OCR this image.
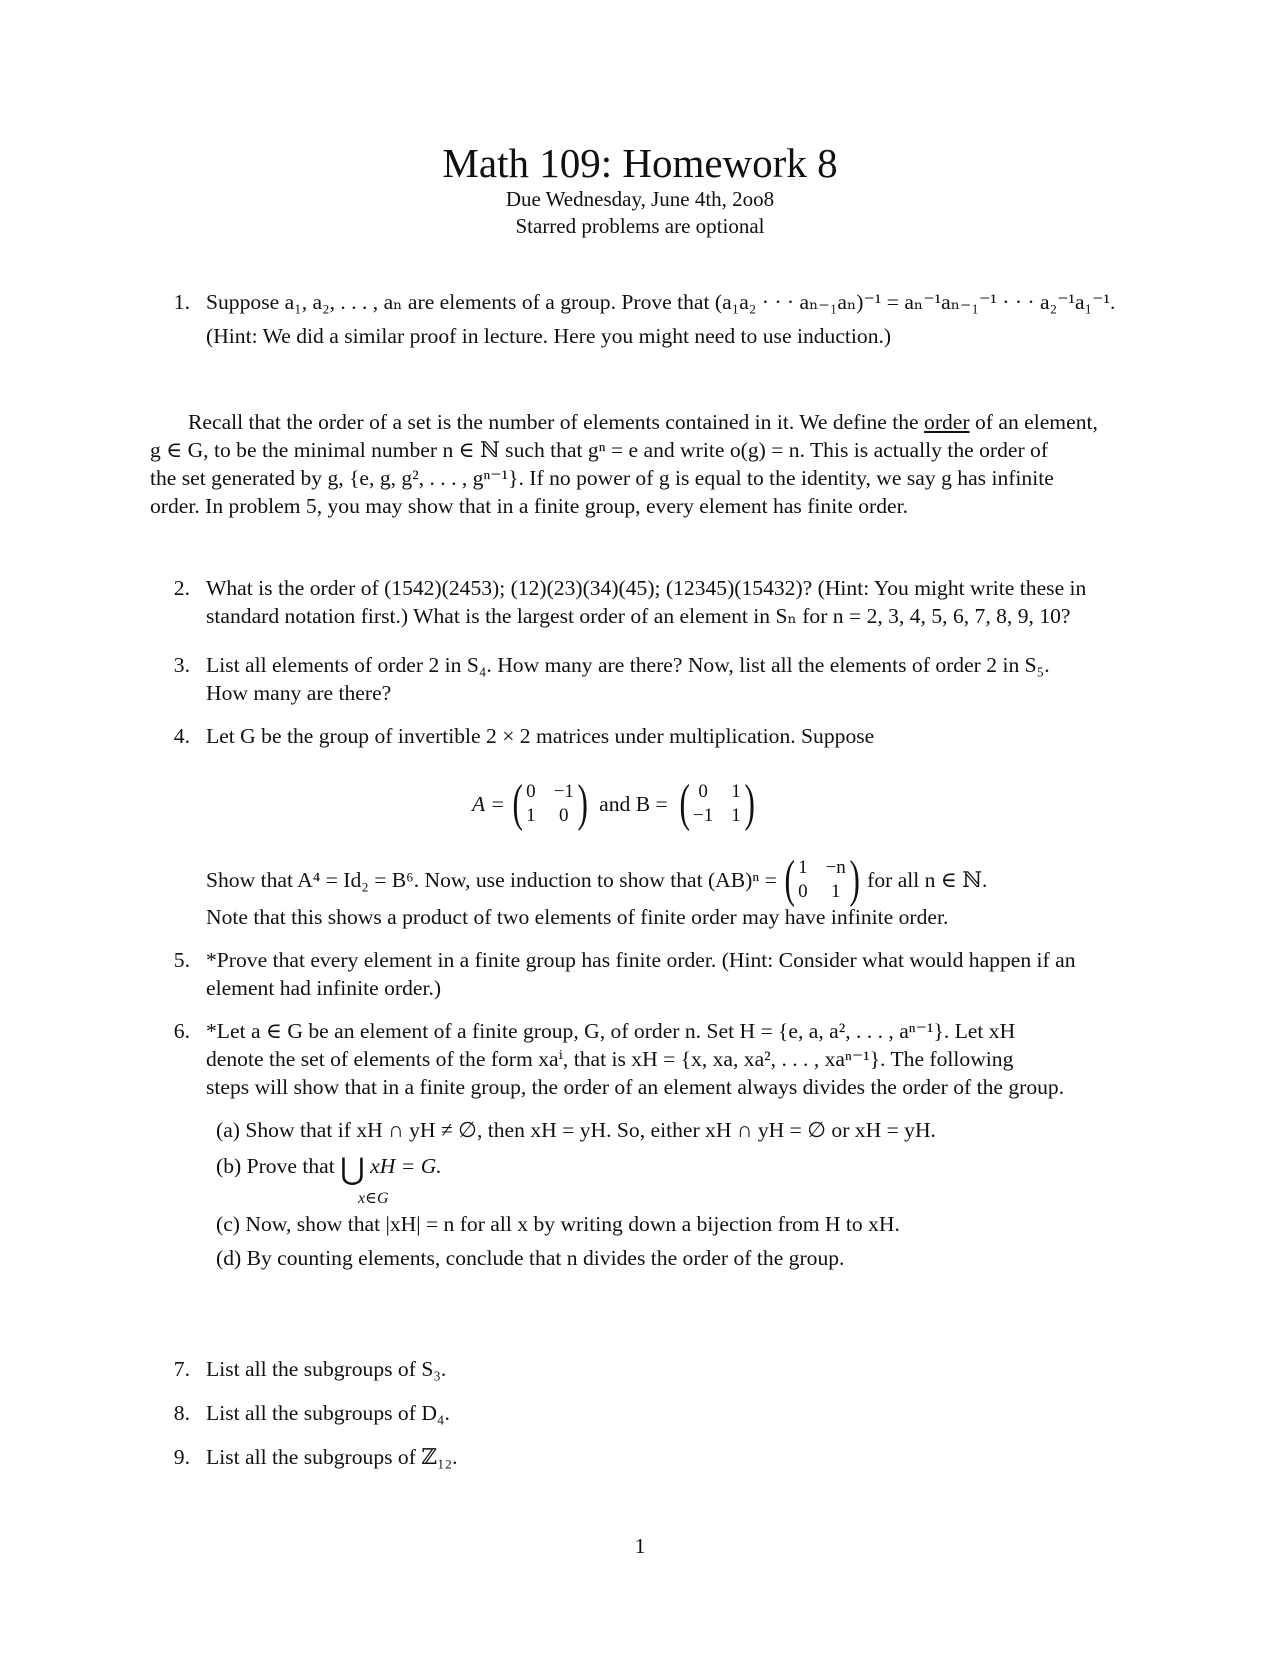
Math 109: Homework 8
Due Wednesday, June 4th, 2oo8
Starred problems are optional
1. Suppose a₁, a₂, . . . , aₙ are elements of a group. Prove that (a₁a₂ · · · aₙ₋₁aₙ)⁻¹ = aₙ⁻¹aₙ₋₁⁻¹ · · · a₂⁻¹a₁⁻¹.
(Hint: We did a similar proof in lecture. Here you might need to use induction.)
Recall that the order of a set is the number of elements contained in it. We define the order of an element,
g ∈ G, to be the minimal number n ∈ ℕ such that gⁿ = e and write o(g) = n. This is actually the order of
the set generated by g, {e, g, g², . . . , gⁿ⁻¹}. If no power of g is equal to the identity, we say g has infinite
order. In problem 5, you may show that in a finite group, every element has finite order.
2. What is the order of (1542)(2453); (12)(23)(34)(45); (12345)(15432)? (Hint: You might write these in
standard notation first.) What is the largest order of an element in Sₙ for n = 2, 3, 4, 5, 6, 7, 8, 9, 10?
3. List all elements of order 2 in S₄. How many are there? Now, list all the elements of order 2 in S₅.
How many are there?
4. Let G be the group of invertible 2 × 2 matrices under multiplication. Suppose
A = ( 0 −1
1 0 ) and B = ( 0 1
−1 1 )
Show that A⁴ = Id₂ = B⁶. Now, use induction to show that (AB)ⁿ = ( 1 −n
0 1 ) for all n ∈ ℕ.
Note that this shows a product of two elements of finite order may have infinite order.
5. *Prove that every element in a finite group has finite order. (Hint: Consider what would happen if an
element had infinite order.)
6. *Let a ∈ G be an element of a finite group, G, of order n. Set H = {e, a, a², . . . , aⁿ⁻¹}. Let xH
denote the set of elements of the form xaⁱ, that is xH = {x, xa, xa², . . . , xaⁿ⁻¹}. The following
steps will show that in a finite group, the order of an element always divides the order of the group.
(a) Show that if xH ∩ yH ≠ ∅, then xH = yH. So, either xH ∩ yH = ∅ or xH = yH.
(b) Prove that ⋃ xH = G.
x∈G
(c) Now, show that |xH| = n for all x by writing down a bijection from H to xH.
(d) By counting elements, conclude that n divides the order of the group.
7. List all the subgroups of S₃.
8. List all the subgroups of D₄.
9. List all the subgroups of ℤ₁₂.
1
